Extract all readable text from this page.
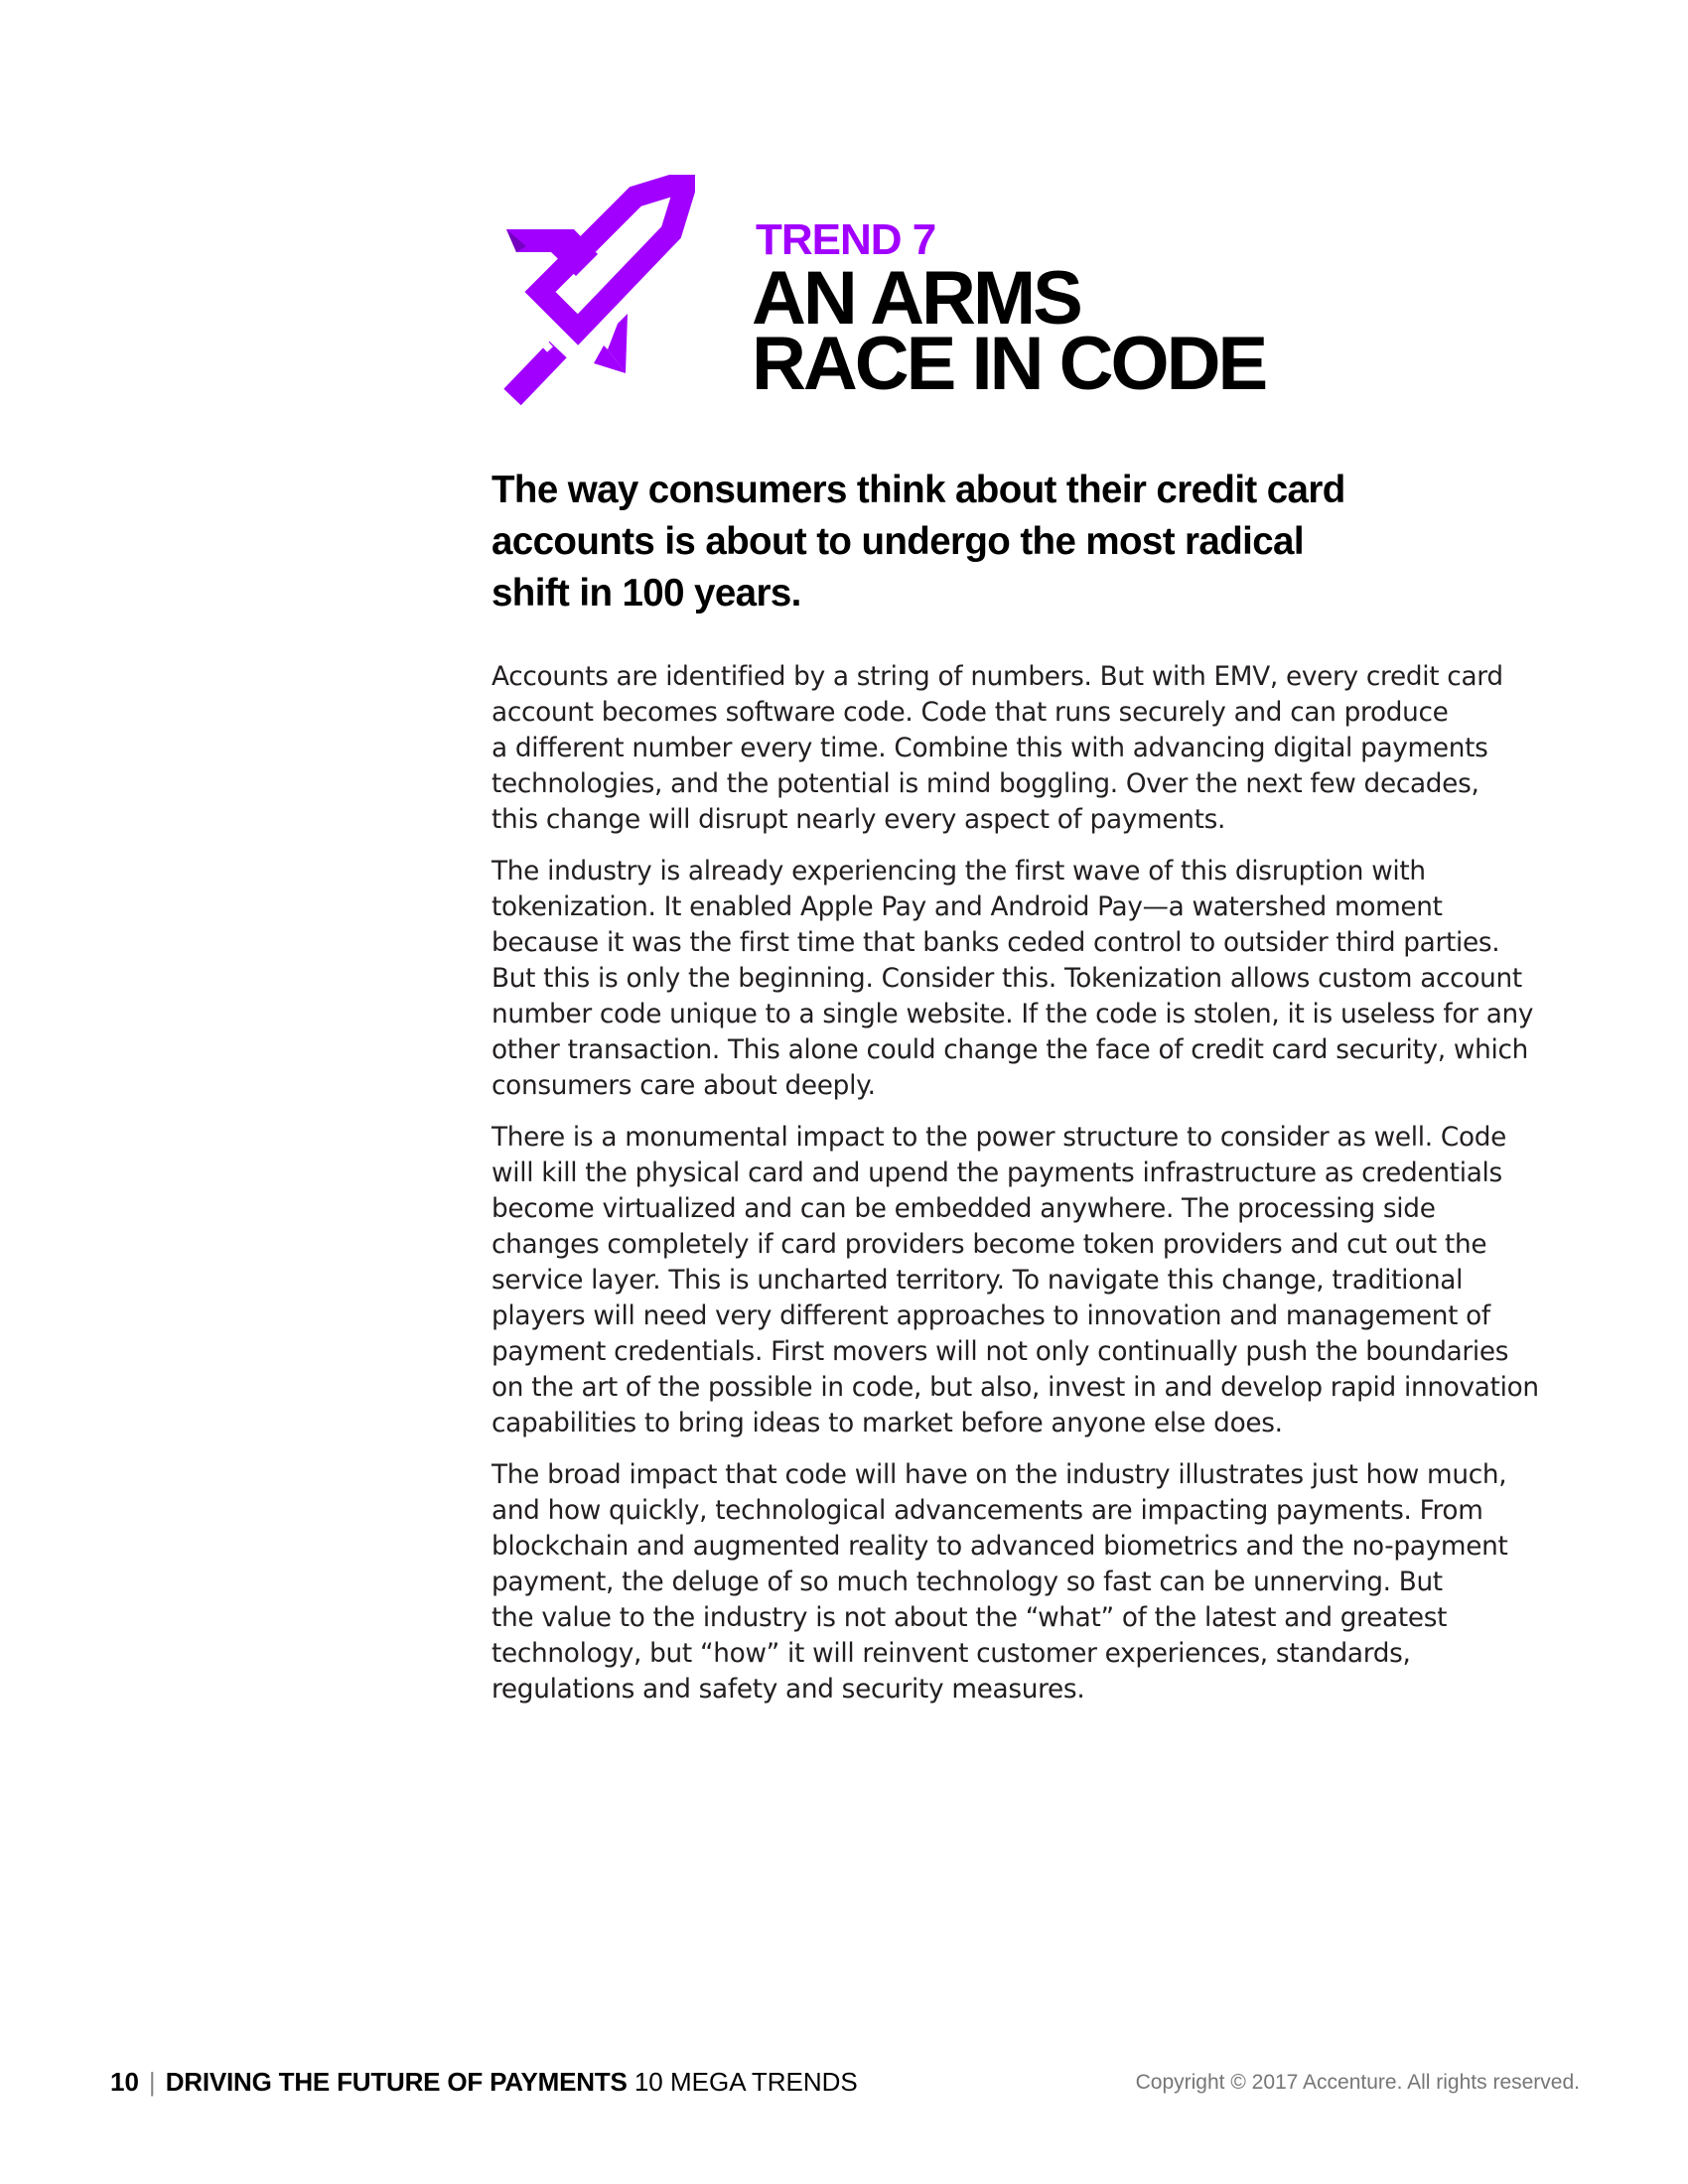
TREND 7
AN ARMS
RACE IN CODE
The way consumers think about their credit card
accounts is about to undergo the most radical
shift in 100 years.

Accounts are identified by a string of numbers. But with EMV, every credit card
account becomes software code. Code that runs securely and can produce
a different number every time. Combine this with advancing digital payments
technologies, and the potential is mind boggling. Over the next few decades,
this change will disrupt nearly every aspect of payments.

The industry is already experiencing the first wave of this disruption with
tokenization. It enabled Apple Pay and Android Pay—a watershed moment
because it was the first time that banks ceded control to outsider third parties.
But this is only the beginning. Consider this. Tokenization allows custom account
number code unique to a single website. If the code is stolen, it is useless for any
other transaction. This alone could change the face of credit card security, which
consumers care about deeply.

There is a monumental impact to the power structure to consider as well. Code
will kill the physical card and upend the payments infrastructure as credentials
become virtualized and can be embedded anywhere. The processing side
changes completely if card providers become token providers and cut out the
service layer. This is uncharted territory. To navigate this change, traditional
players will need very different approaches to innovation and management of
payment credentials. First movers will not only continually push the boundaries
on the art of the possible in code, but also, invest in and develop rapid innovation
capabilities to bring ideas to market before anyone else does.

The broad impact that code will have on the industry illustrates just how much,
and how quickly, technological advancements are impacting payments. From
blockchain and augmented reality to advanced biometrics and the no-payment
payment, the deluge of so much technology so fast can be unnerving. But
the value to the industry is not about the “what” of the latest and greatest
technology, but “how” it will reinvent customer experiences, standards,
regulations and safety and security measures.

10 | DRIVING THE FUTURE OF PAYMENTS 10 MEGA TRENDS	Copyright © 2017 Accenture. All rights reserved.
